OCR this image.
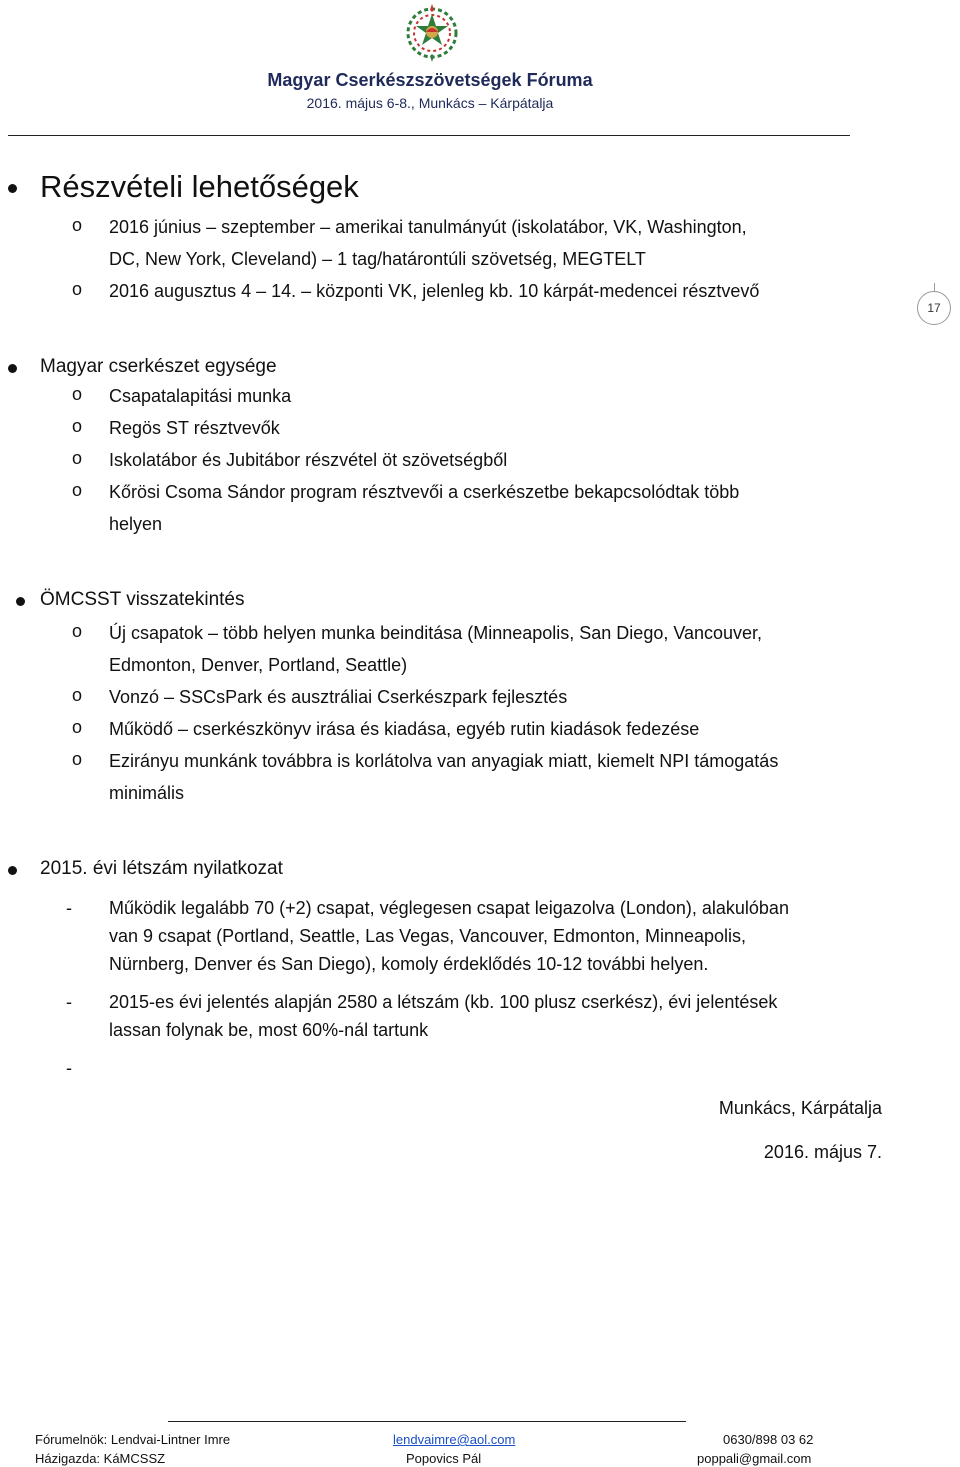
Magyar Cserkészszövetségek Fóruma
2016. május 6-8., Munkács – Kárpátalja
17
Részvételi lehetőségek
o 2016 június – szeptember – amerikai tanulmányút (iskolatábor, VK, Washington,
DC, New York, Cleveland) – 1 tag/határontúli szövetség, MEGTELT
o 2016 augusztus 4 – 14. – központi VK, jelenleg kb. 10 kárpát-medencei résztvevő
Magyar cserkészet egysége
o Csapatalapitási munka
o Regös ST résztvevők
o Iskolatábor és Jubitábor részvétel öt szövetségből
o Kőrösi Csoma Sándor program résztvevői a cserkészetbe bekapcsolódtak több
helyen
ÖMCSST visszatekintés
o Új csapatok – több helyen munka beinditása (Minneapolis, San Diego, Vancouver,
Edmonton, Denver, Portland, Seattle)
o Vonzó – SSCsPark és ausztráliai Cserkészpark fejlesztés
o Működő – cserkészkönyv irása és kiadása, egyéb rutin kiadások fedezése
o Ezirányu munkánk továbbra is korlátolva van anyagiak miatt, kiemelt NPI támogatás
minimális
2015. évi létszám nyilatkozat
- Működik legalább 70 (+2) csapat, véglegesen csapat leigazolva (London), alakulóban
van 9 csapat (Portland, Seattle, Las Vegas, Vancouver, Edmonton, Minneapolis,
Nürnberg, Denver és San Diego), komoly érdeklődés 10-12 további helyen.
- 2015-es évi jelentés alapján 2580 a létszám (kb. 100 plusz cserkész), évi jelentések
lassan folynak be, most 60%-nál tartunk
-
Munkács, Kárpátalja
2016. május 7.
Fórumelnök: Lendvai-Lintner Imre	lendvaimre@aol.com	0630/898 03 62
Házigazda: KáMCSSZ	Popovics Pál	poppali@gmail.com
